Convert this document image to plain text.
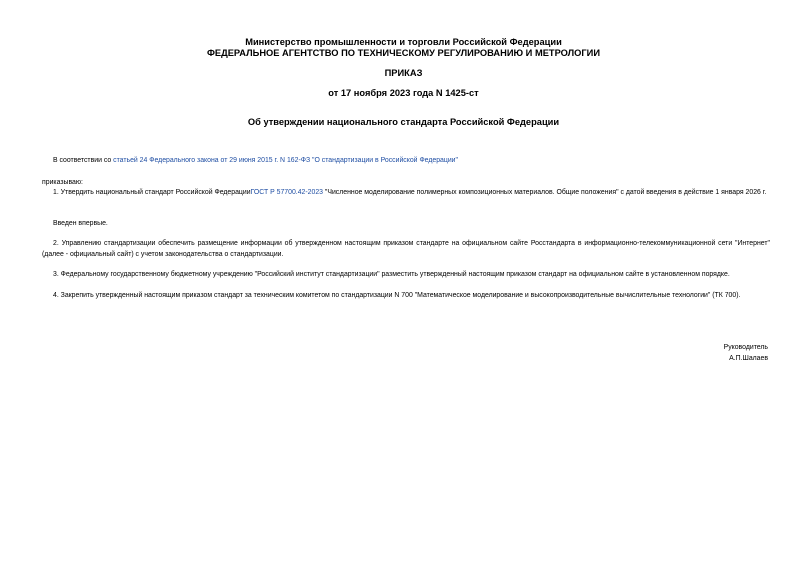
Министерство промышленности и торговли Российской Федерации
ФЕДЕРАЛЬНОЕ АГЕНТСТВО ПО ТЕХНИЧЕСКОМУ РЕГУЛИРОВАНИЮ И МЕТРОЛОГИИ
ПРИКАЗ
от 17 ноября 2023 года N 1425-ст
Об утверждении национального стандарта Российской Федерации
В соответствии со статьей 24 Федерального закона от 29 июня 2015 г. N 162-ФЗ "О стандартизации в Российской Федерации"
приказываю:
1. Утвердить национальный стандарт Российской ФедерацииГОСТ Р 57700.42-2023 "Численное моделирование полимерных композиционных материалов. Общие положения" с датой введения в действие 1 января 2026 г.
Введен впервые.
2. Управлению стандартизации обеспечить размещение информации об утвержденном настоящим приказом стандарте на официальном сайте Росстандарта в информационно-телекоммуникационной сети "Интернет" (далее - официальный сайт) с учетом законодательства о стандартизации.
3. Федеральному государственному бюджетному учреждению "Российский институт стандартизации" разместить утвержденный настоящим приказом стандарт на официальном сайте в установленном порядке.
4. Закрепить утвержденный настоящим приказом стандарт за техническим комитетом по стандартизации N 700 "Математическое моделирование и высокопроизводительные вычислительные технологии" (ТК 700).
Руководитель
А.П.Шалаев
